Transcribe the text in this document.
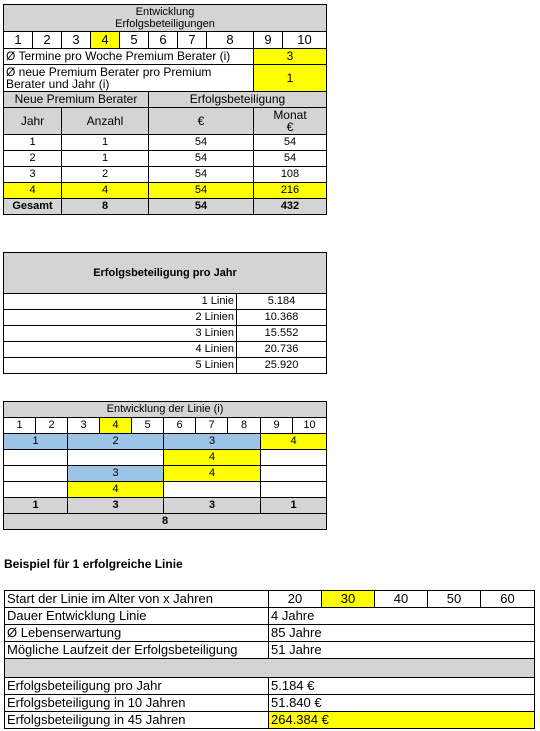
Entwicklung
Erfolgsbeteiligungen									
1	2	3	4	5	6	7	8	9	10
Ø Termine pro Woche Premium Berater (i)								3	
Ø neue Premium Berater pro Premium Berater und Jahr (i)								1	
Neue Premium Berater					Erfolgsbeteiligung				
Jahr		Anzahl			€			Monat
€	
1		1			54			54	
2		1			54			54	
3		2			54			108	
4		4			54			216	
Gesamt		8			54			432	
Erfolgsbeteiligung pro Jahr	
1 Linie	5.184
2 Linien	10.368
3 Linien	15.552
4 Linien	20.736
5 Linien	25.920
Entwicklung der Linie (i)									
1	2	3	4	5	6	7	8	9	10
1		2			3			4	
					4				
		3			4				
		4							
1		3			3			1	
8									
Beispiel für 1 erfolgreiche Linie
Start der Linie im Alter von x Jahren	20	30	40	50	60
Dauer Entwicklung Linie	4 Jahre				
Ø Lebenserwartung	85 Jahre				
Mögliche Laufzeit der Erfolgsbeteiligung	51 Jahre				

Erfolgsbeteiligung pro Jahr	5.184 €				
Erfolgsbeteiligung in 10 Jahren	51.840 €				
Erfolgsbeteiligung in 45 Jahren	264.384 €				
